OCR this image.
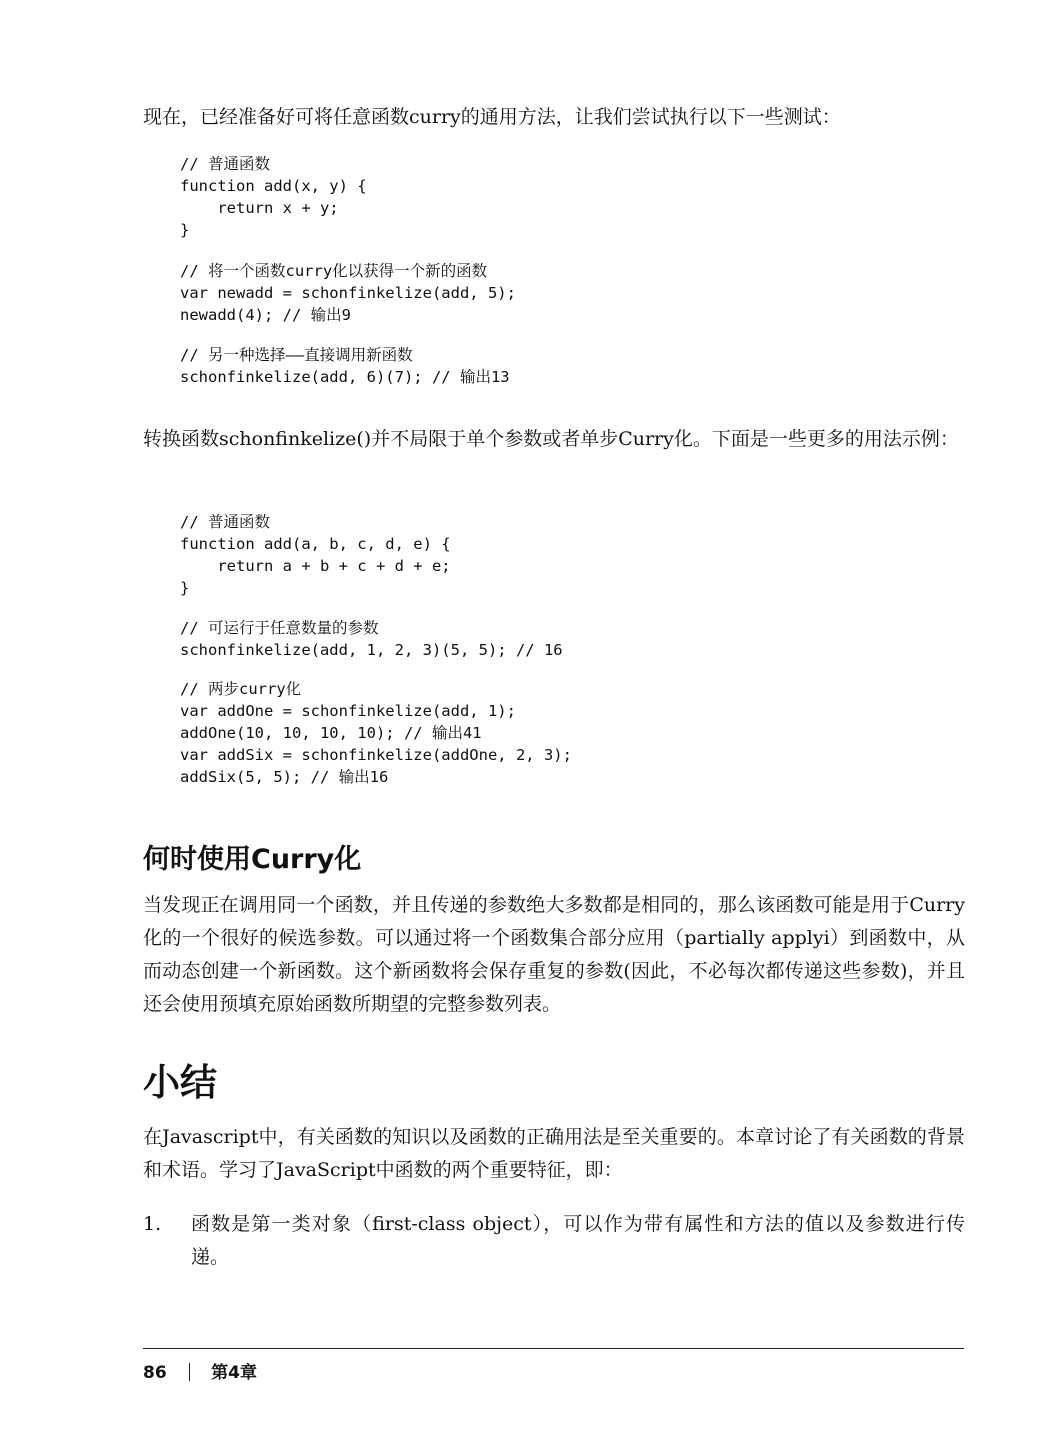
现在，已经准备好可将任意函数curry的通用方法，让我们尝试执行以下一些测试：

// 普通函数
function add(x, y) {
return x + y;
}
// 将一个函数curry化以获得一个新的函数
var newadd = schonfinkelize(add, 5);
newadd(4); // 输出9
// 另一种选择——直接调用新函数
schonfinkelize(add, 6)(7); // 输出13

转换函数schonfinkelize()并不局限于单个参数或者单步Curry化。下面是一些更多的用法示例：

// 普通函数
function add(a, b, c, d, e) {
return a + b + c + d + e;
}
// 可运行于任意数量的参数
schonfinkelize(add, 1, 2, 3)(5, 5); // 16
// 两步curry化
var addOne = schonfinkelize(add, 1);
addOne(10, 10, 10, 10); // 输出41
var addSix = schonfinkelize(addOne, 2, 3);
addSix(5, 5); // 输出16
何时使用Curry化

当发现正在调用同一个函数，并且传递的参数绝大多数都是相同的，那么该函数可能是用于Curry化的一个很好的候选参数。可以通过将一个函数集合部分应用（partially applyi）到函数中，从而动态创建一个新函数。这个新函数将会保存重复的参数(因此，不必每次都传递这些参数)，并且还会使用预填充原始函数所期望的完整参数列表。

小结

在Javascript中，有关函数的知识以及函数的正确用法是至关重要的。本章讨论了有关函数的背景和术语。学习了JavaScript中函数的两个重要特征，即：

1. 函数是第一类对象（first-class object），可以作为带有属性和方法的值以及参数进行传递。

86	第4章
